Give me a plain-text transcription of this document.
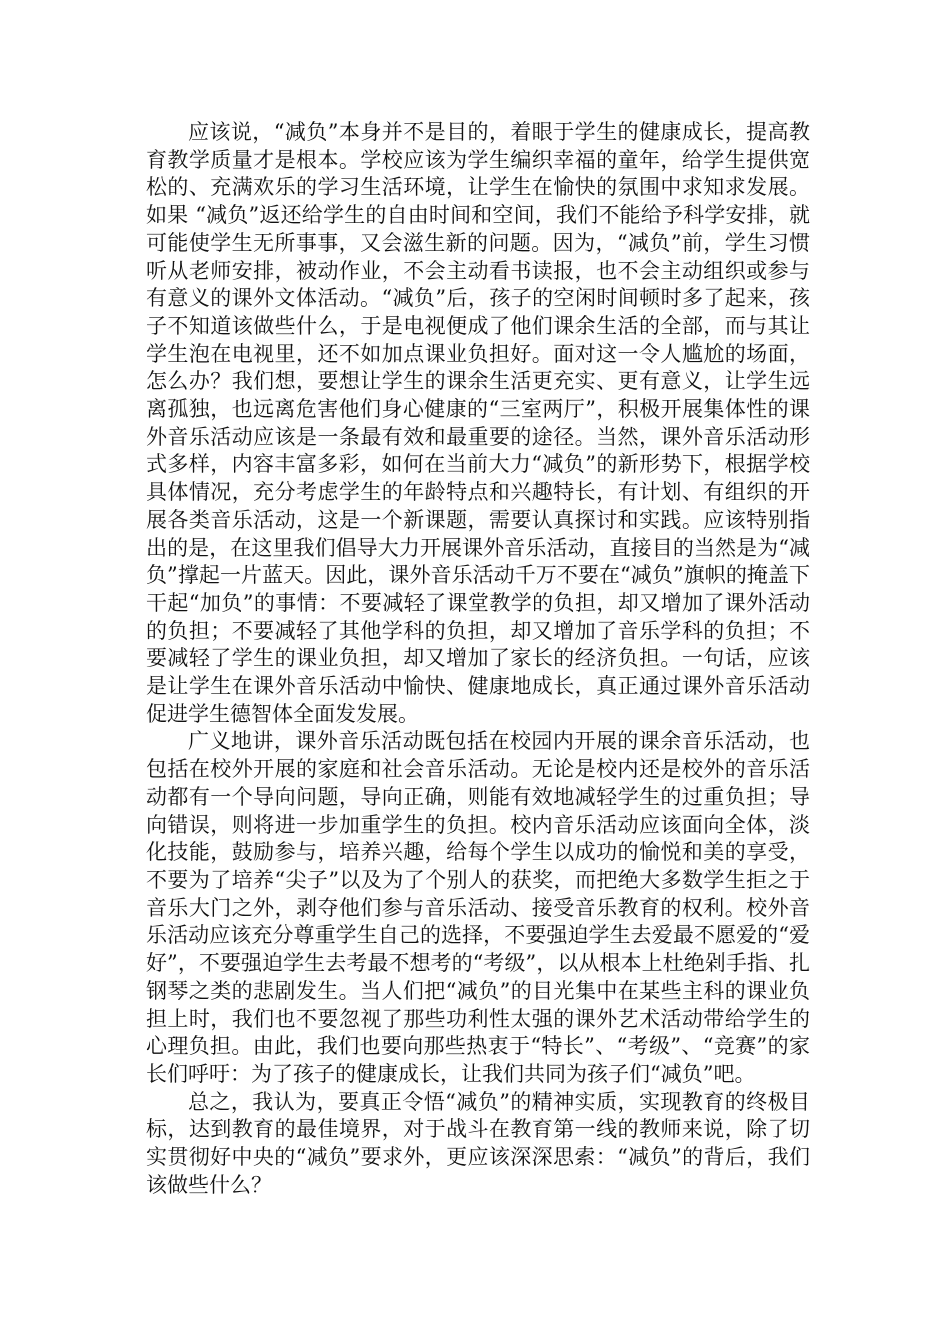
应该说，“减负”本身并不是目的，着眼于学生的健康成长，提高教育教学质量才是根本。学校应该为学生编织幸福的童年，给学生提供宽松的、充满欢乐的学习生活环境，让学生在愉快的氛围中求知求发展。如果 “减负”返还给学生的自由时间和空间，我们不能给予科学安排，就可能使学生无所事事，又会滋生新的问题。因为，“减负”前，学生习惯听从老师安排，被动作业，不会主动看书读报，也不会主动组织或参与有意义的课外文体活动。“减负”后，孩子的空闲时间顿时多了起来，孩子不知道该做些什么，于是电视便成了他们课余生活的全部，而与其让学生泡在电视里，还不如加点课业负担好。面对这一令人尴尬的场面，怎么办？我们想，要想让学生的课余生活更充实、更有意义，让学生远离孤独，也远离危害他们身心健康的“三室两厅”，积极开展集体性的课外音乐活动应该是一条最有效和最重要的途径。当然，课外音乐活动形式多样，内容丰富多彩，如何在当前大力“减负”的新形势下，根据学校具体情况，充分考虑学生的年龄特点和兴趣特长，有计划、有组织的开展各类音乐活动，这是一个新课题，需要认真探讨和实践。应该特别指出的是，在这里我们倡导大力开展课外音乐活动，直接目的当然是为“减负”撑起一片蓝天。因此，课外音乐活动千万不要在“减负”旗帜的掩盖下干起“加负”的事情：不要减轻了课堂教学的负担，却又增加了课外活动的负担；不要减轻了其他学科的负担，却又增加了音乐学科的负担；不要减轻了学生的课业负担，却又增加了家长的经济负担。一句话，应该是让学生在课外音乐活动中愉快、健康地成长，真正通过课外音乐活动促进学生德智体全面发发展。

广义地讲，课外音乐活动既包括在校园内开展的课余音乐活动，也包括在校外开展的家庭和社会音乐活动。无论是校内还是校外的音乐活动都有一个导向问题，导向正确，则能有效地减轻学生的过重负担；导向错误，则将进一步加重学生的负担。校内音乐活动应该面向全体，淡化技能，鼓励参与，培养兴趣，给每个学生以成功的愉悦和美的享受，不要为了培养“尖子”以及为了个别人的获奖，而把绝大多数学生拒之于音乐大门之外，剥夺他们参与音乐活动、接受音乐教育的权利。校外音乐活动应该充分尊重学生自己的选择，不要强迫学生去爱最不愿爱的“爱好”，不要强迫学生去考最不想考的“考级”，以从根本上杜绝剁手指、扎钢琴之类的悲剧发生。当人们把“减负”的目光集中在某些主科的课业负担上时，我们也不要忽视了那些功利性太强的课外艺术活动带给学生的心理负担。由此，我们也要向那些热衷于“特长”、“考级”、“竞赛”的家长们呼吁：为了孩子的健康成长，让我们共同为孩子们“减负”吧。

总之，我认为，要真正令悟“减负”的精神实质，实现教育的终极目标，达到教育的最佳境界，对于战斗在教育第一线的教师来说，除了切实贯彻好中央的“减负”要求外，更应该深深思索：“减负”的背后，我们该做些什么？
